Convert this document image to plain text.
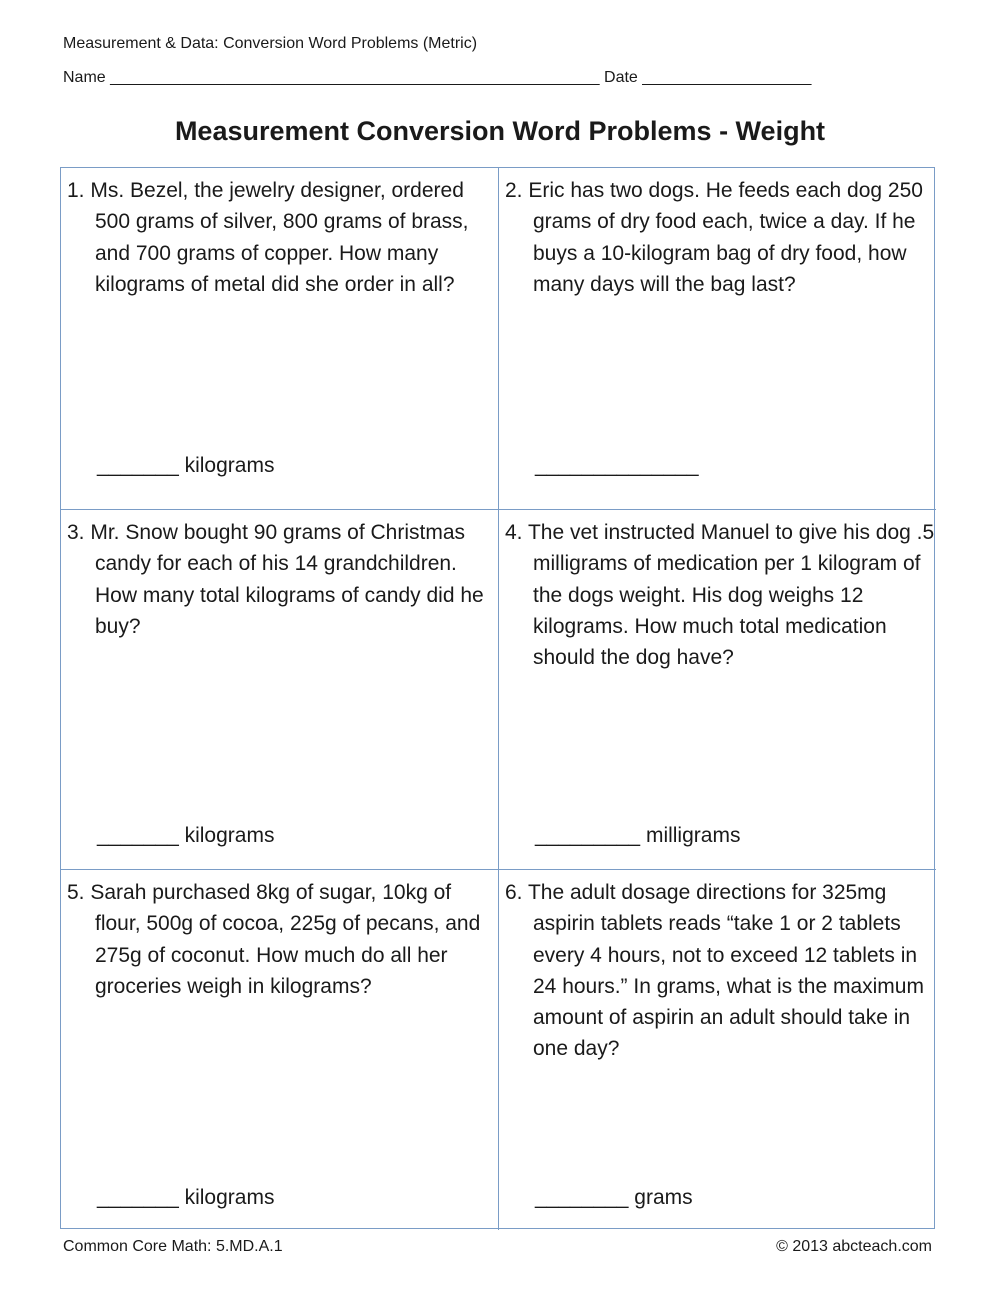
Measurement & Data: Conversion Word Problems (Metric)
Name _______________________________________________________ Date ___________________
Measurement Conversion Word Problems - Weight
1. Ms. Bezel, the jewelry designer, ordered 500 grams of silver, 800 grams of brass, and 700 grams of copper. How many kilograms of metal did she order in all?
_______ kilograms
2. Eric has two dogs. He feeds each dog 250 grams of dry food each, twice a day. If he buys a 10-kilogram bag of dry food, how many days will the bag last?
______________
3. Mr. Snow bought 90 grams of Christmas candy for each of his 14 grandchildren. How many total kilograms of candy did he buy?
_______ kilograms
4. The vet instructed Manuel to give his dog .5 milligrams of medication per 1 kilogram of the dogs weight. His dog weighs 12 kilograms. How much total medication should the dog have?
_________ milligrams
5. Sarah purchased 8kg of sugar, 10kg of flour, 500g of cocoa, 225g of pecans, and 275g of coconut. How much do all her groceries weigh in kilograms?
_______ kilograms
6. The adult dosage directions for 325mg aspirin tablets reads “take 1 or 2 tablets every 4 hours, not to exceed 12 tablets in 24 hours.” In grams, what is the maximum amount of aspirin an adult should take in one day?
________ grams
Common Core Math: 5.MD.A.1	© 2013 abcteach.com
